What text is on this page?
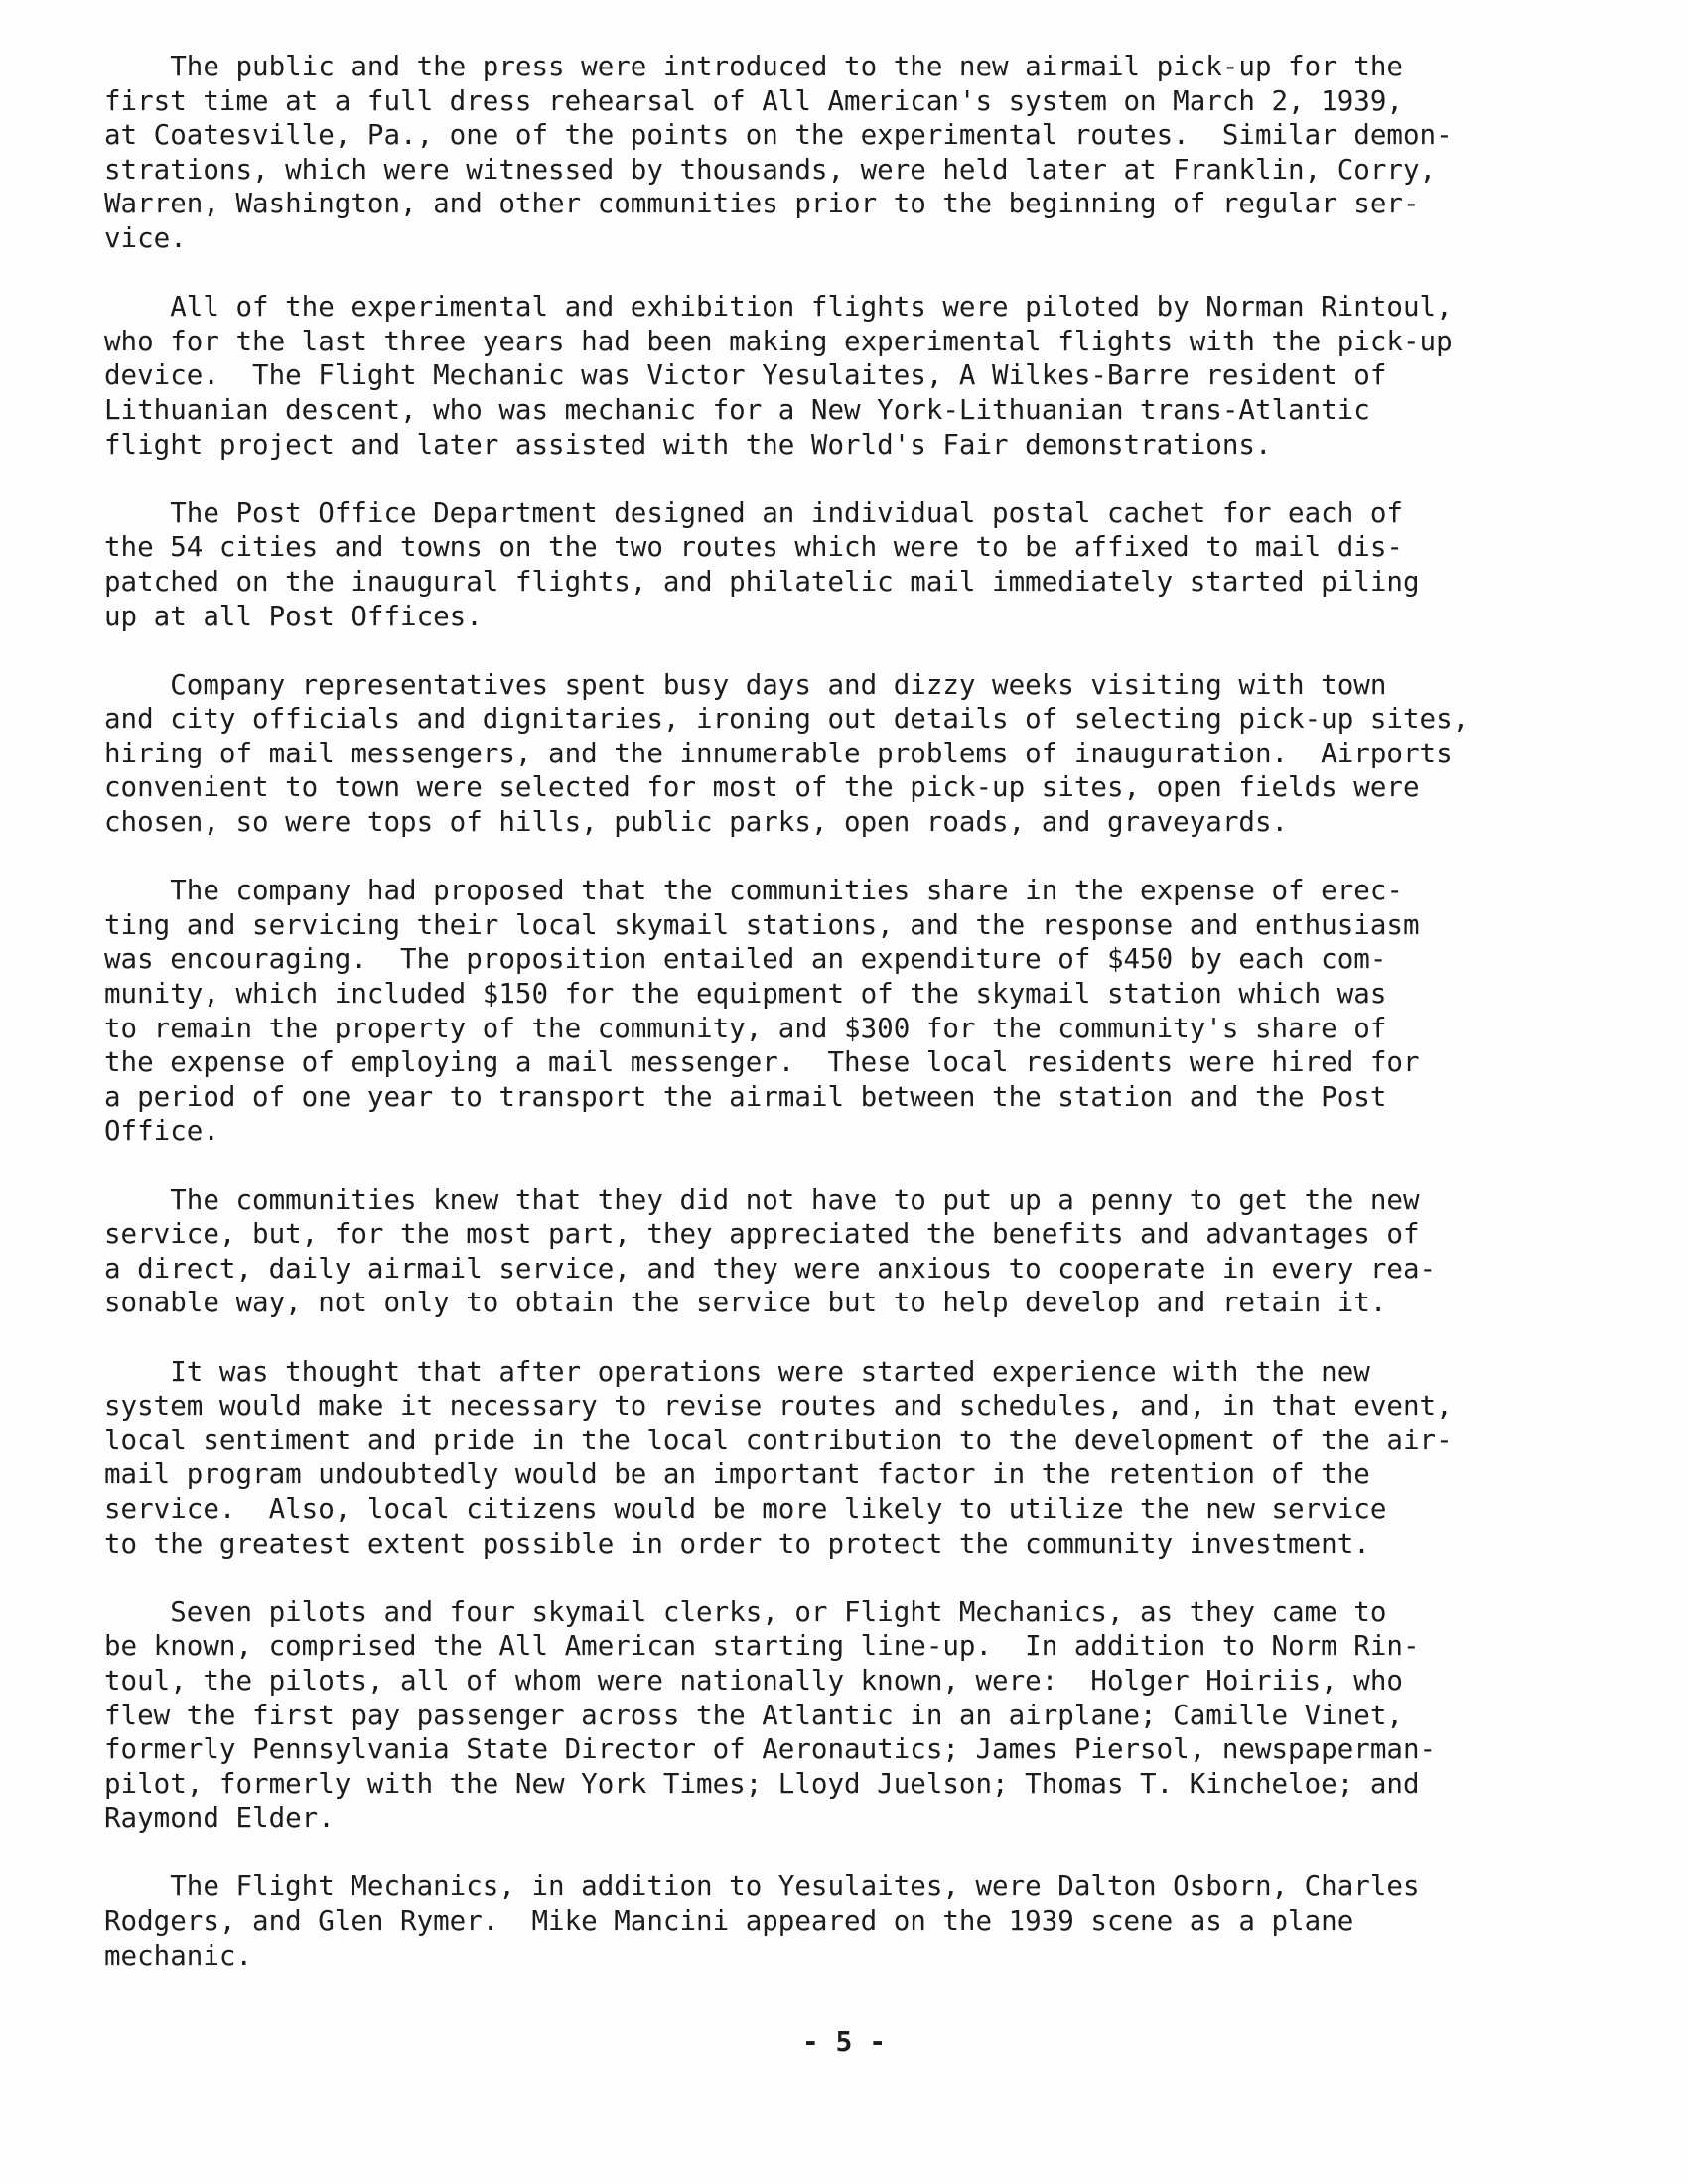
The public and the press were introduced to the new airmail pick-up for the
first time at a full dress rehearsal of All American's system on March 2, 1939,
at Coatesville, Pa., one of the points on the experimental routes.  Similar demon-
strations, which were witnessed by thousands, were held later at Franklin, Corry,
Warren, Washington, and other communities prior to the beginning of regular ser-
vice.
All of the experimental and exhibition flights were piloted by Norman Rintoul,
who for the last three years had been making experimental flights with the pick-up
device.  The Flight Mechanic was Victor Yesulaites, A Wilkes-Barre resident of
Lithuanian descent, who was mechanic for a New York-Lithuanian trans-Atlantic
flight project and later assisted with the World's Fair demonstrations.
The Post Office Department designed an individual postal cachet for each of
the 54 cities and towns on the two routes which were to be affixed to mail dis-
patched on the inaugural flights, and philatelic mail immediately started piling
up at all Post Offices.
Company representatives spent busy days and dizzy weeks visiting with town
and city officials and dignitaries, ironing out details of selecting pick-up sites,
hiring of mail messengers, and the innumerable problems of inauguration.  Airports
convenient to town were selected for most of the pick-up sites, open fields were
chosen, so were tops of hills, public parks, open roads, and graveyards.
The company had proposed that the communities share in the expense of erec-
ting and servicing their local skymail stations, and the response and enthusiasm
was encouraging.  The proposition entailed an expenditure of $450 by each com-
munity, which included $150 for the equipment of the skymail station which was
to remain the property of the community, and $300 for the community's share of
the expense of employing a mail messenger.  These local residents were hired for
a period of one year to transport the airmail between the station and the Post
Office.
The communities knew that they did not have to put up a penny to get the new
service, but, for the most part, they appreciated the benefits and advantages of
a direct, daily airmail service, and they were anxious to cooperate in every rea-
sonable way, not only to obtain the service but to help develop and retain it.
It was thought that after operations were started experience with the new
system would make it necessary to revise routes and schedules, and, in that event,
local sentiment and pride in the local contribution to the development of the air-
mail program undoubtedly would be an important factor in the retention of the
service.  Also, local citizens would be more likely to utilize the new service
to the greatest extent possible in order to protect the community investment.
Seven pilots and four skymail clerks, or Flight Mechanics, as they came to
be known, comprised the All American starting line-up.  In addition to Norm Rin-
toul, the pilots, all of whom were nationally known, were:  Holger Hoiriis, who
flew the first pay passenger across the Atlantic in an airplane; Camille Vinet,
formerly Pennsylvania State Director of Aeronautics; James Piersol, newspaperman-
pilot, formerly with the New York Times; Lloyd Juelson; Thomas T. Kincheloe; and
Raymond Elder.
The Flight Mechanics, in addition to Yesulaites, were Dalton Osborn, Charles
Rodgers, and Glen Rymer.  Mike Mancini appeared on the 1939 scene as a plane
mechanic.
- 5 -
